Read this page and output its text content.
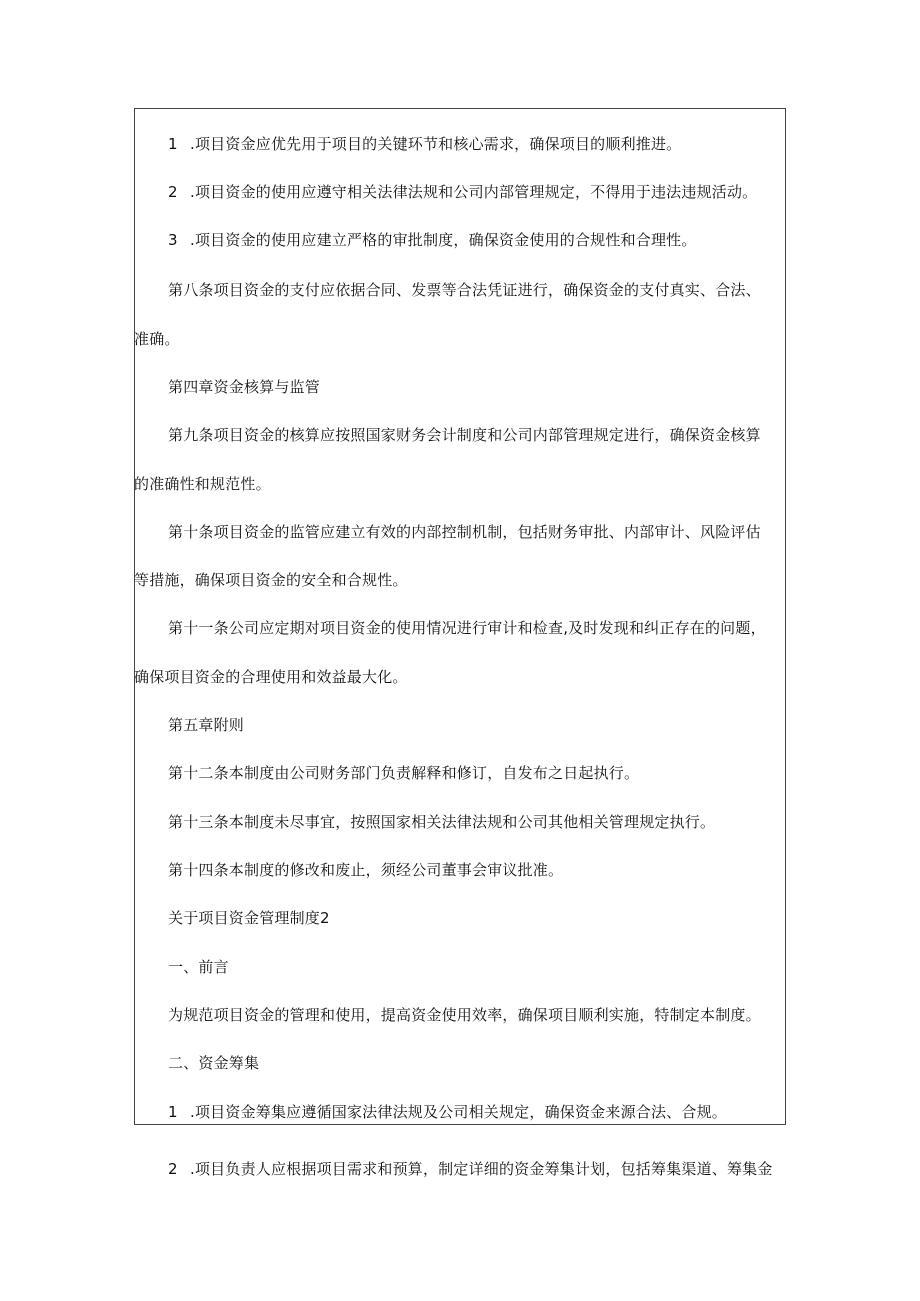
1 .项目资金应优先用于项目的关键环节和核心需求，确保项目的顺利推进。
2 .项目资金的使用应遵守相关法律法规和公司内部管理规定，不得用于违法违规活动。
3 .项目资金的使用应建立严格的审批制度，确保资金使用的合规性和合理性。
第八条项目资金的支付应依据合同、发票等合法凭证进行，确保资金的支付真实、合法、
准确。
第四章资金核算与监管
第九条项目资金的核算应按照国家财务会计制度和公司内部管理规定进行，确保资金核算
的准确性和规范性。
第十条项目资金的监管应建立有效的内部控制机制，包括财务审批、内部审计、风险评估
等措施，确保项目资金的安全和合规性。
第十一条公司应定期对项目资金的使用情况进行审计和检查,及时发现和纠正存在的问题，
确保项目资金的合理使用和效益最大化。
第五章附则
第十二条本制度由公司财务部门负责解释和修订，自发布之日起执行。
第十三条本制度未尽事宜，按照国家相关法律法规和公司其他相关管理规定执行。
第十四条本制度的修改和废止，须经公司董事会审议批准。
关于项目资金管理制度2
一、前言
为规范项目资金的管理和使用，提高资金使用效率，确保项目顺利实施，特制定本制度。
二、资金筹集
1 .项目资金筹集应遵循国家法律法规及公司相关规定，确保资金来源合法、合规。
2 .项目负责人应根据项目需求和预算，制定详细的资金筹集计划，包括筹集渠道、筹集金
